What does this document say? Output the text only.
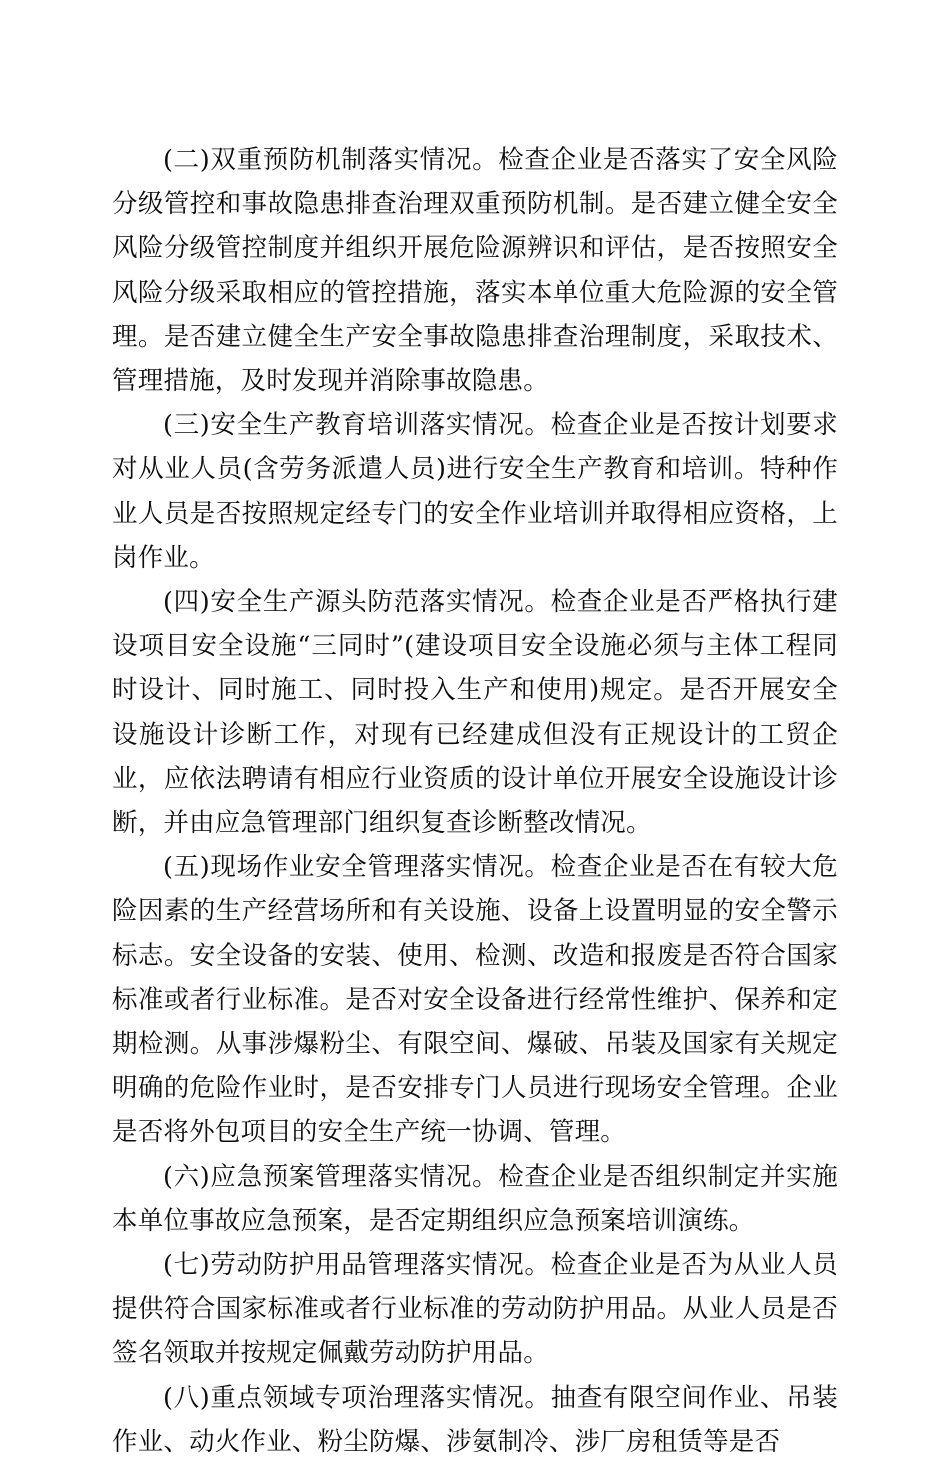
(二)双重预防机制落实情况。检查企业是否落实了安全风险分级管控和事故隐患排查治理双重预防机制。是否建立健全安全风险分级管控制度并组织开展危险源辨识和评估，是否按照安全风险分级采取相应的管控措施，落实本单位重大危险源的安全管理。是否建立健全生产安全事故隐患排查治理制度，采取技术、管理措施，及时发现并消除事故隐患。

(三)安全生产教育培训落实情况。检查企业是否按计划要求对从业人员(含劳务派遣人员)进行安全生产教育和培训。特种作业人员是否按照规定经专门的安全作业培训并取得相应资格，上岗作业。

(四)安全生产源头防范落实情况。检查企业是否严格执行建设项目安全设施“三同时”(建设项目安全设施必须与主体工程同时设计、同时施工、同时投入生产和使用)规定。是否开展安全设施设计诊断工作，对现有已经建成但没有正规设计的工贸企业，应依法聘请有相应行业资质的设计单位开展安全设施设计诊断，并由应急管理部门组织复查诊断整改情况。

(五)现场作业安全管理落实情况。检查企业是否在有较大危险因素的生产经营场所和有关设施、设备上设置明显的安全警示标志。安全设备的安装、使用、检测、改造和报废是否符合国家标准或者行业标准。是否对安全设备进行经常性维护、保养和定期检测。从事涉爆粉尘、有限空间、爆破、吊装及国家有关规定明确的危险作业时，是否安排专门人员进行现场安全管理。企业是否将外包项目的安全生产统一协调、管理。

(六)应急预案管理落实情况。检查企业是否组织制定并实施本单位事故应急预案，是否定期组织应急预案培训演练。

(七)劳动防护用品管理落实情况。检查企业是否为从业人员提供符合国家标准或者行业标准的劳动防护用品。从业人员是否签名领取并按规定佩戴劳动防护用品。

(八)重点领域专项治理落实情况。抽查有限空间作业、吊装作业、动火作业、粉尘防爆、涉氨制冷、涉厂房租赁等是否
